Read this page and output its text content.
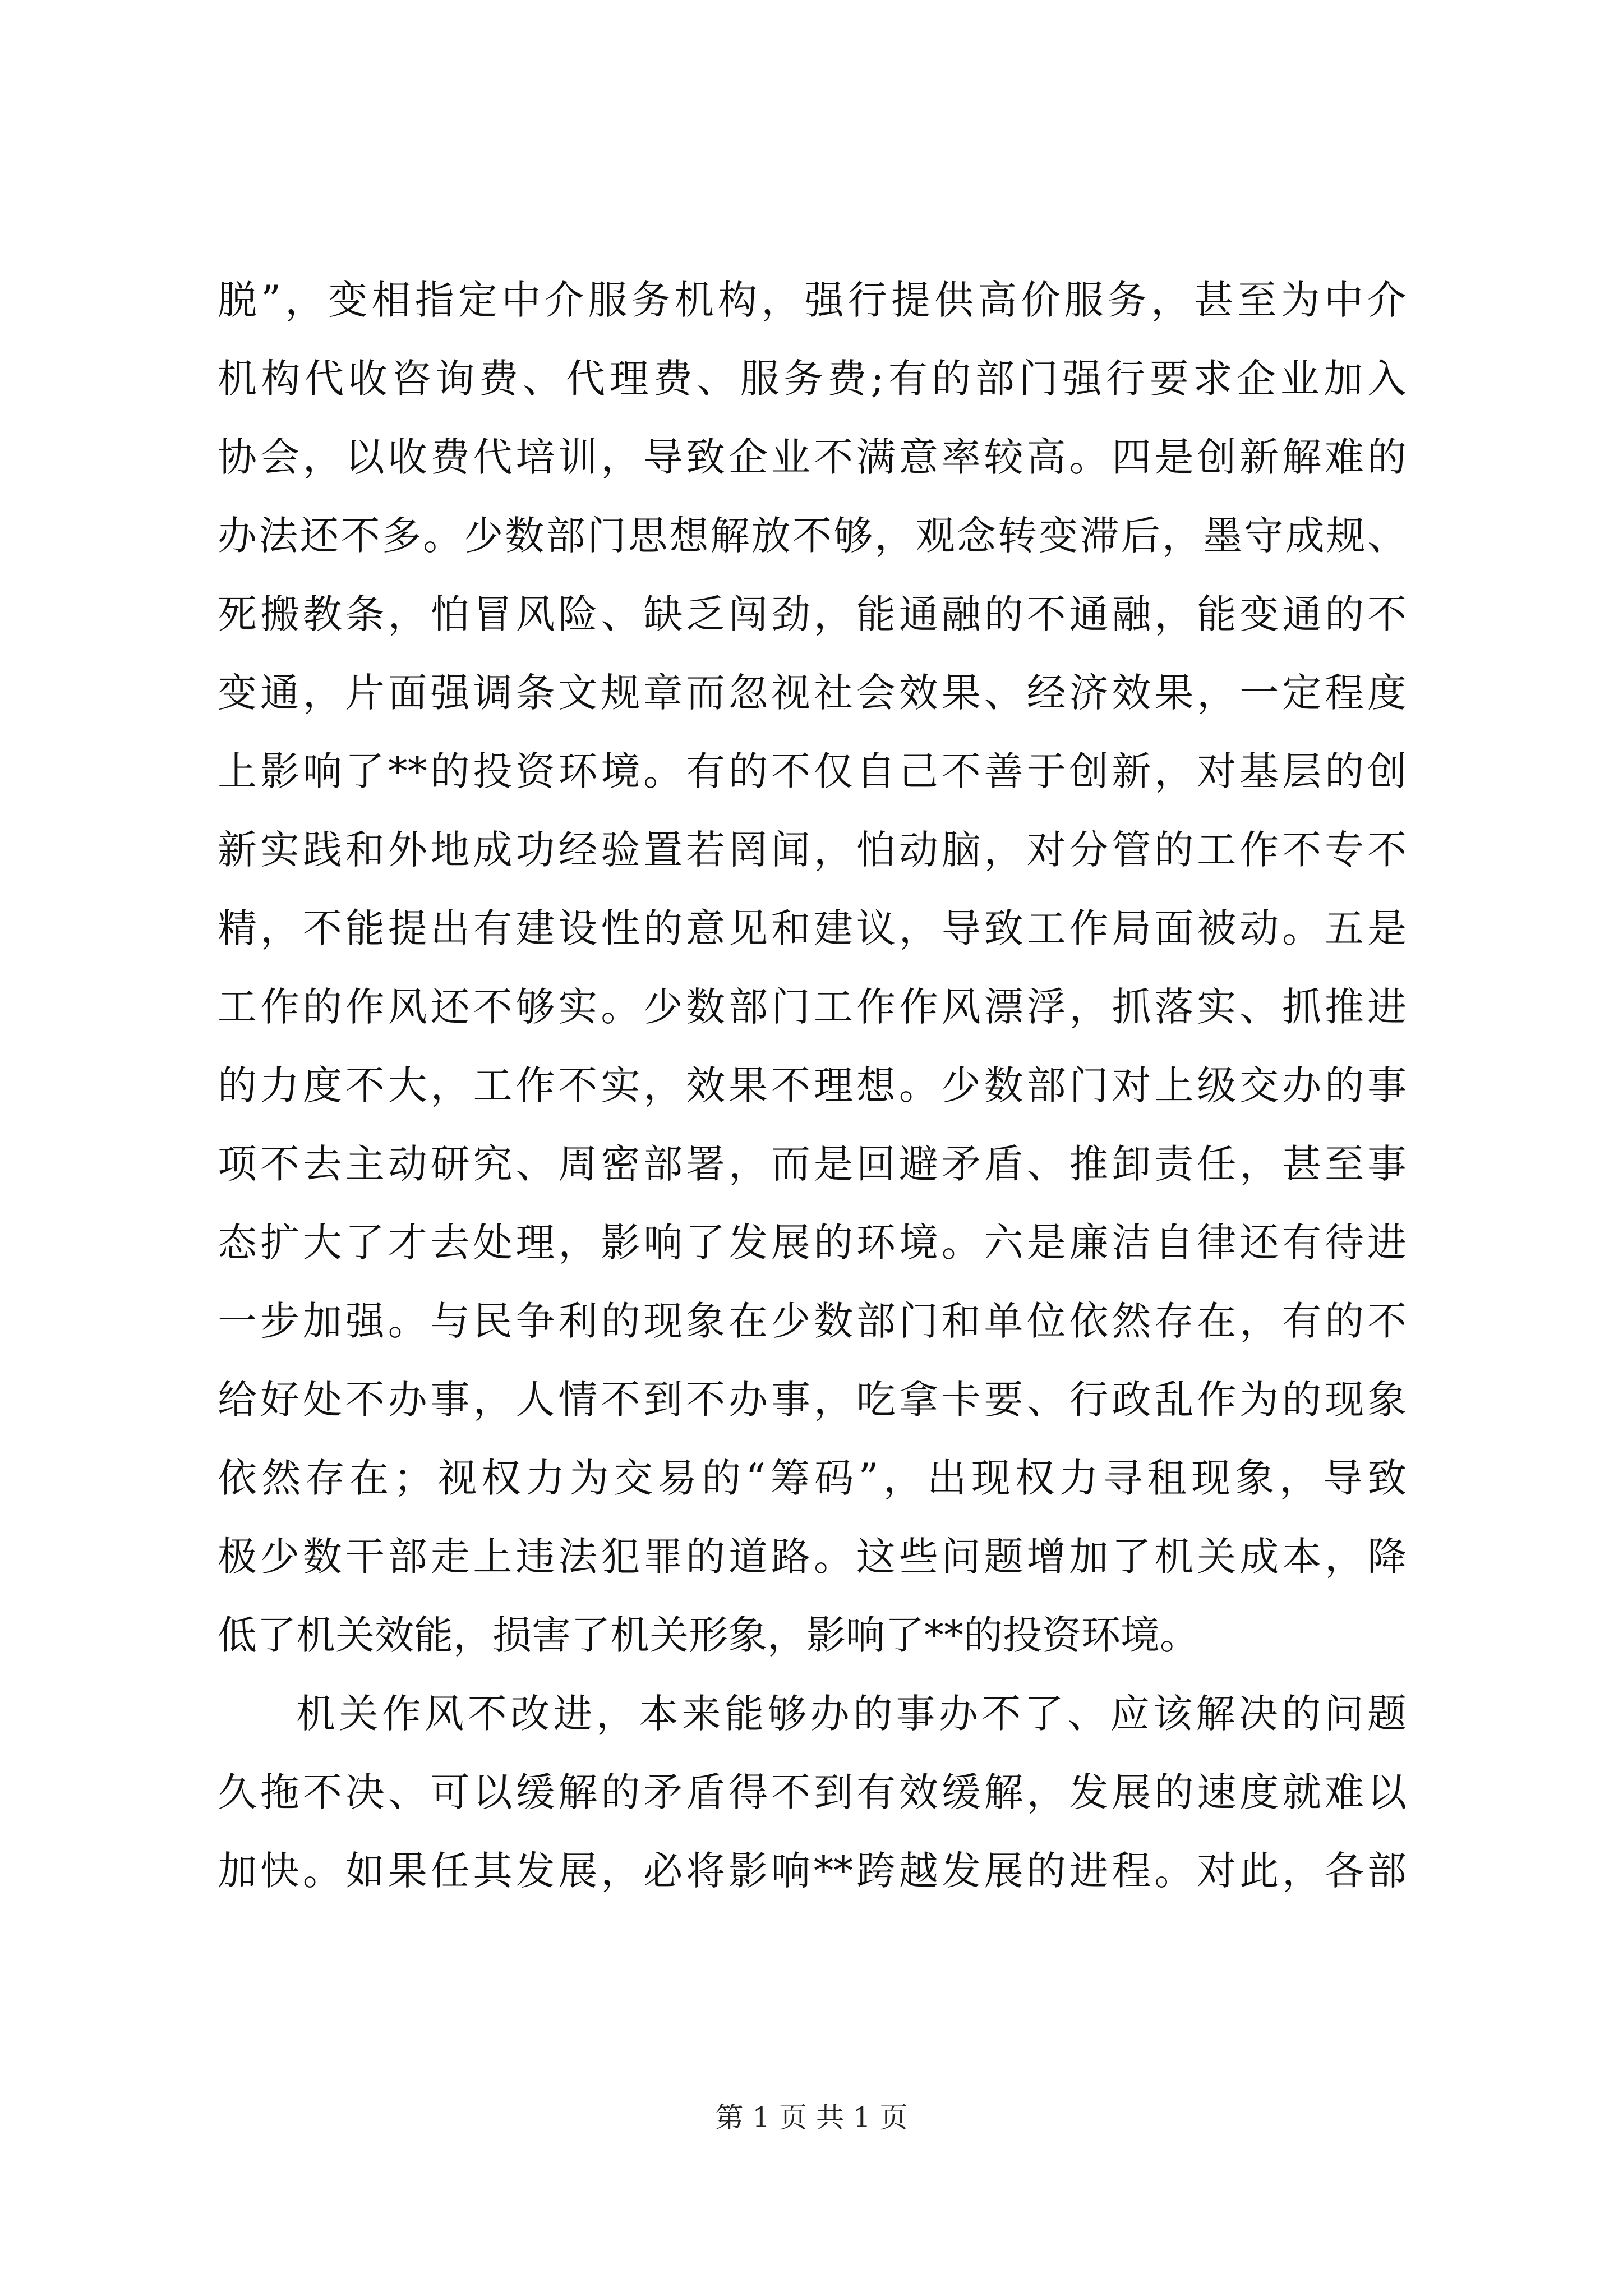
脱”，变相指定中介服务机构，强行提供高价服务，甚至为中介
机构代收咨询费、代理费、服务费;有的部门强行要求企业加入
协会，以收费代培训，导致企业不满意率较高。四是创新解难的
办法还不多。少数部门思想解放不够，观念转变滞后，墨守成规、
死搬教条，怕冒风险、缺乏闯劲，能通融的不通融，能变通的不
变通，片面强调条文规章而忽视社会效果、经济效果，一定程度
上影响了**的投资环境。有的不仅自己不善于创新，对基层的创
新实践和外地成功经验置若罔闻，怕动脑，对分管的工作不专不
精，不能提出有建设性的意见和建议，导致工作局面被动。五是
工作的作风还不够实。少数部门工作作风漂浮，抓落实、抓推进
的力度不大，工作不实，效果不理想。少数部门对上级交办的事
项不去主动研究、周密部署，而是回避矛盾、推卸责任，甚至事
态扩大了才去处理，影响了发展的环境。六是廉洁自律还有待进
一步加强。与民争利的现象在少数部门和单位依然存在，有的不
给好处不办事，人情不到不办事，吃拿卡要、行政乱作为的现象
依然存在；视权力为交易的“筹码”，出现权力寻租现象，导致
极少数干部走上违法犯罪的道路。这些问题增加了机关成本，降
低了机关效能，损害了机关形象，影响了**的投资环境。
机关作风不改进，本来能够办的事办不了、应该解决的问题
久拖不决、可以缓解的矛盾得不到有效缓解，发展的速度就难以
加快。如果任其发展，必将影响**跨越发展的进程。对此，各部
第 1 页 共 1 页
